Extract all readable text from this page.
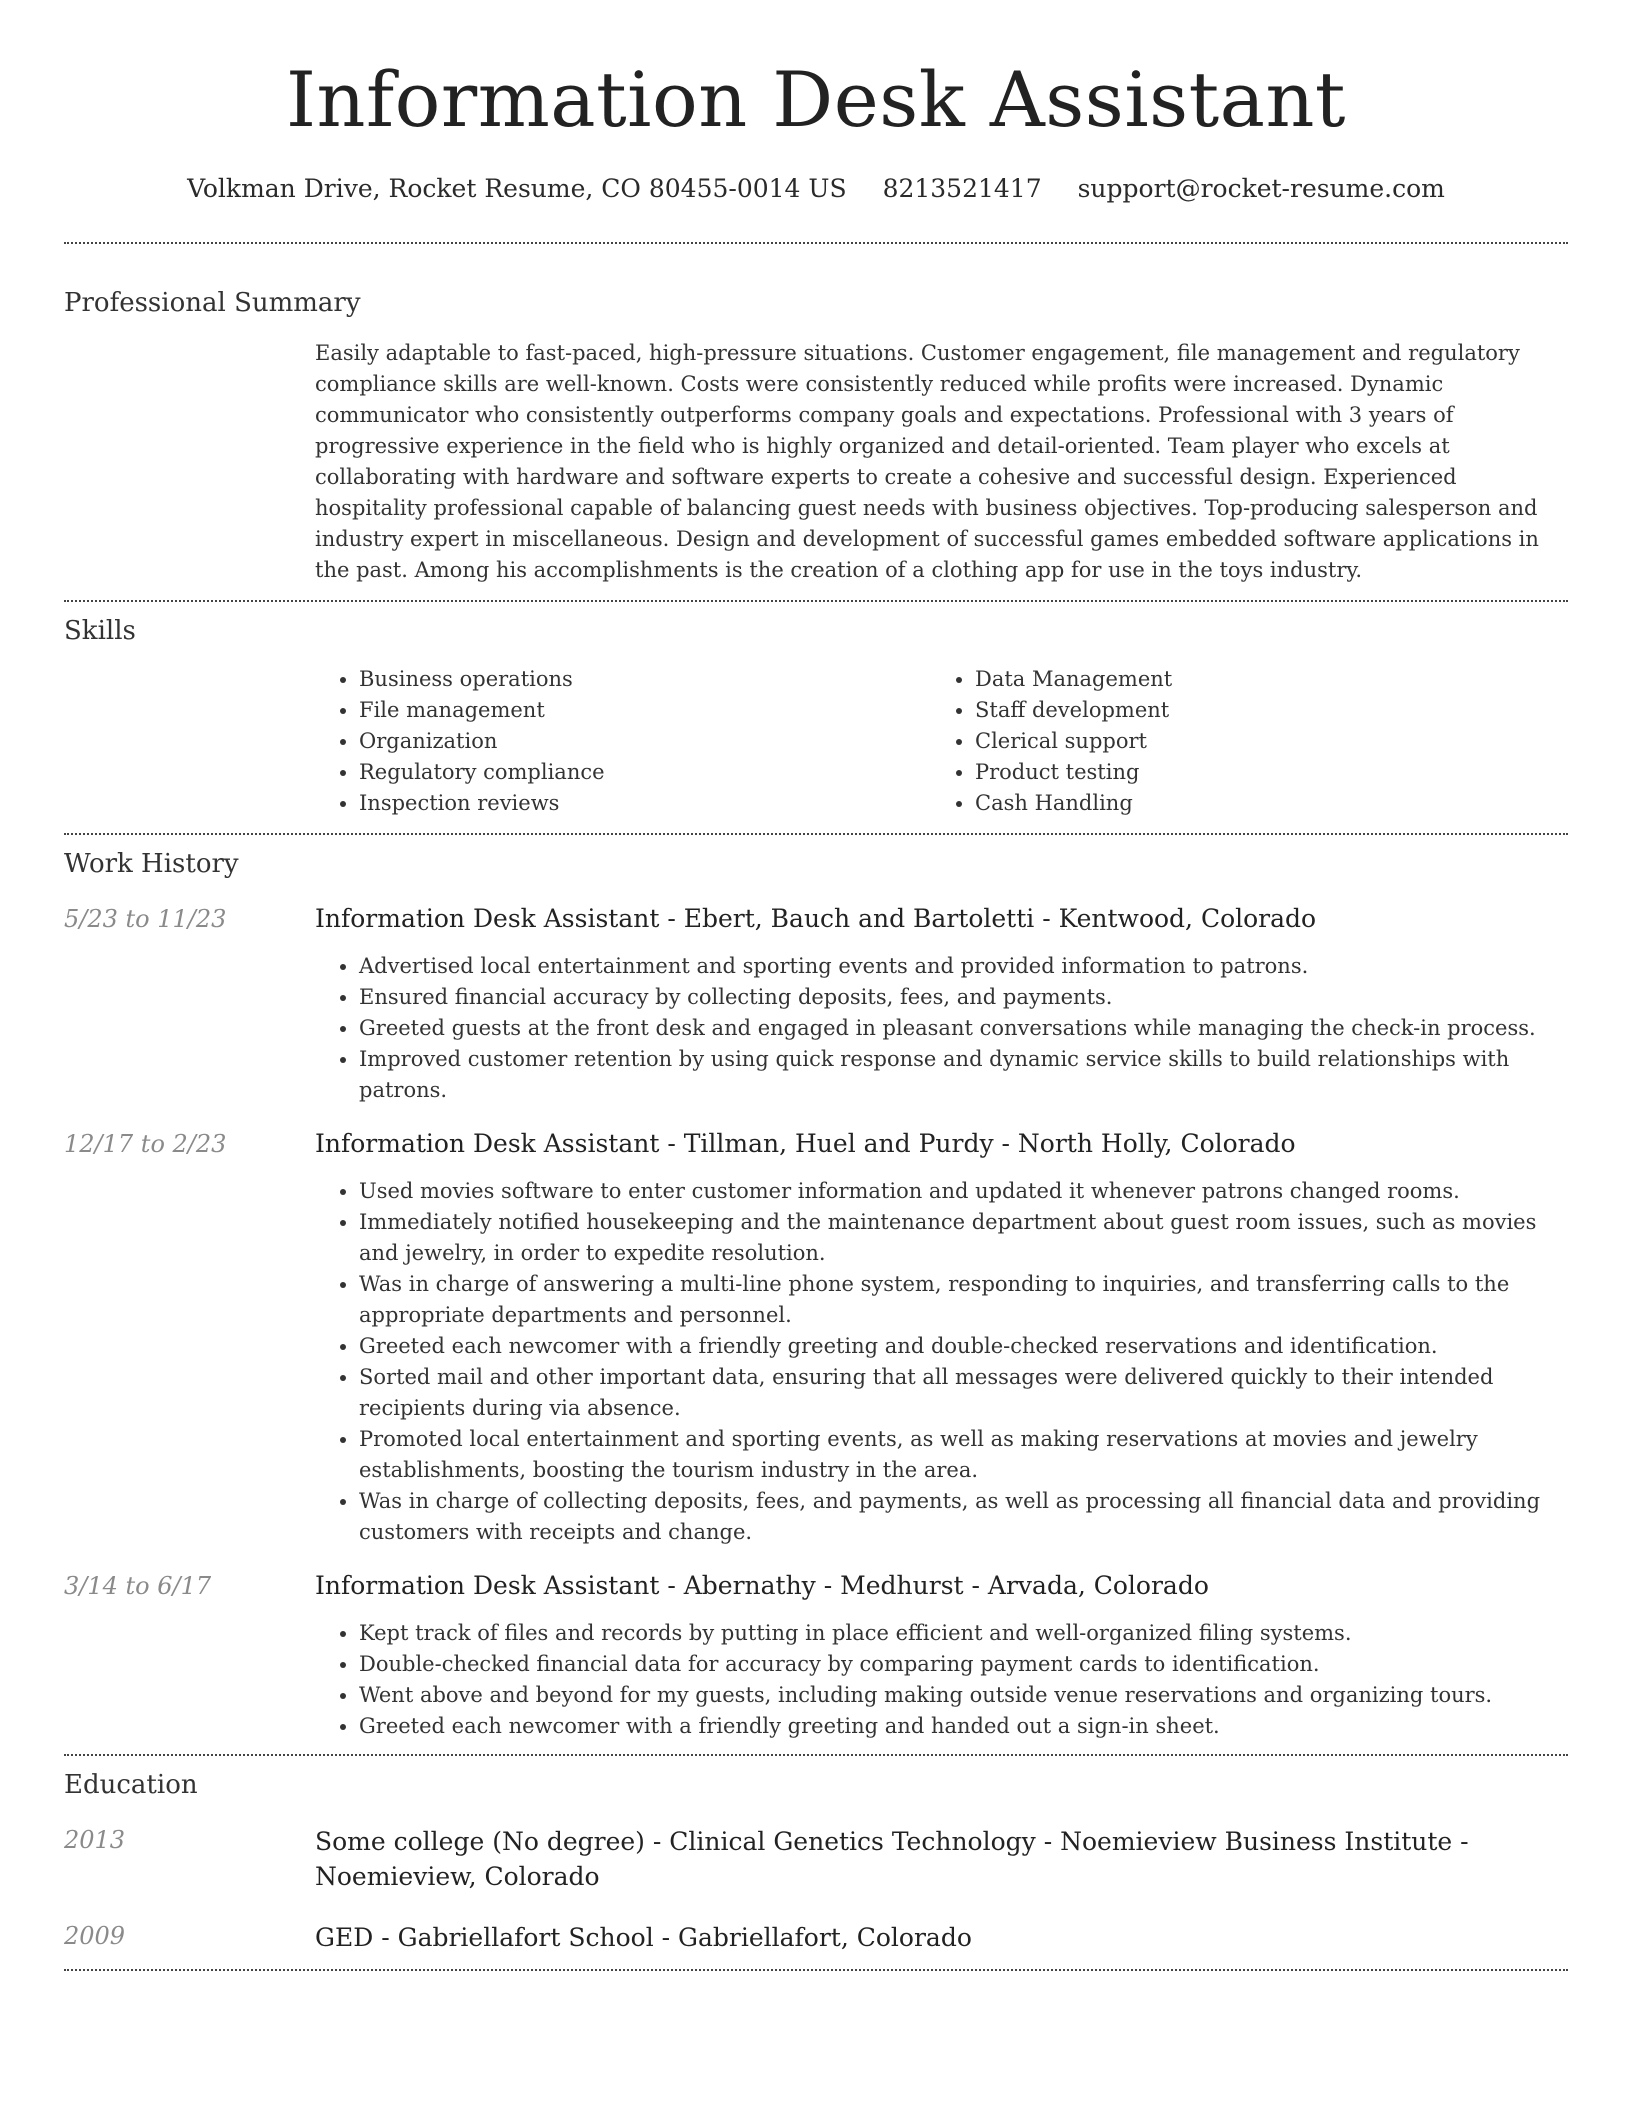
Information Desk Assistant
Volkman Drive, Rocket Resume, CO 80455-0014 US 8213521417 support@rocket-resume.com
Professional Summary
Easily adaptable to fast-paced, high-pressure situations. Customer engagement, file management and regulatory compliance skills are well-known. Costs were consistently reduced while profits were increased. Dynamic communicator who consistently outperforms company goals and expectations. Professional with 3 years of progressive experience in the field who is highly organized and detail-oriented. Team player who excels at collaborating with hardware and software experts to create a cohesive and successful design. Experienced hospitality professional capable of balancing guest needs with business objectives. Top-producing salesperson and industry expert in miscellaneous. Design and development of successful games embedded software applications in the past. Among his accomplishments is the creation of a clothing app for use in the toys industry.
Skills
• Business operations
• File management
• Organization
• Regulatory compliance
• Inspection reviews
• Data Management
• Staff development
• Clerical support
• Product testing
• Cash Handling
Work History
5/23 to 11/23	Information Desk Assistant - Ebert, Bauch and Bartoletti - Kentwood, Colorado
• Advertised local entertainment and sporting events and provided information to patrons.
• Ensured financial accuracy by collecting deposits, fees, and payments.
• Greeted guests at the front desk and engaged in pleasant conversations while managing the check-in process.
• Improved customer retention by using quick response and dynamic service skills to build relationships with patrons.
12/17 to 2/23	Information Desk Assistant - Tillman, Huel and Purdy - North Holly, Colorado
• Used movies software to enter customer information and updated it whenever patrons changed rooms.
• Immediately notified housekeeping and the maintenance department about guest room issues, such as movies and jewelry, in order to expedite resolution.
• Was in charge of answering a multi-line phone system, responding to inquiries, and transferring calls to the appropriate departments and personnel.
• Greeted each newcomer with a friendly greeting and double-checked reservations and identification.
• Sorted mail and other important data, ensuring that all messages were delivered quickly to their intended recipients during via absence.
• Promoted local entertainment and sporting events, as well as making reservations at movies and jewelry establishments, boosting the tourism industry in the area.
• Was in charge of collecting deposits, fees, and payments, as well as processing all financial data and providing customers with receipts and change.
3/14 to 6/17	Information Desk Assistant - Abernathy - Medhurst - Arvada, Colorado
• Kept track of files and records by putting in place efficient and well-organized filing systems.
• Double-checked financial data for accuracy by comparing payment cards to identification.
• Went above and beyond for my guests, including making outside venue reservations and organizing tours.
• Greeted each newcomer with a friendly greeting and handed out a sign-in sheet.
Education
2013	Some college (No degree) - Clinical Genetics Technology - Noemieview Business Institute - Noemieview, Colorado
2009	GED - Gabriellafort School - Gabriellafort, Colorado
